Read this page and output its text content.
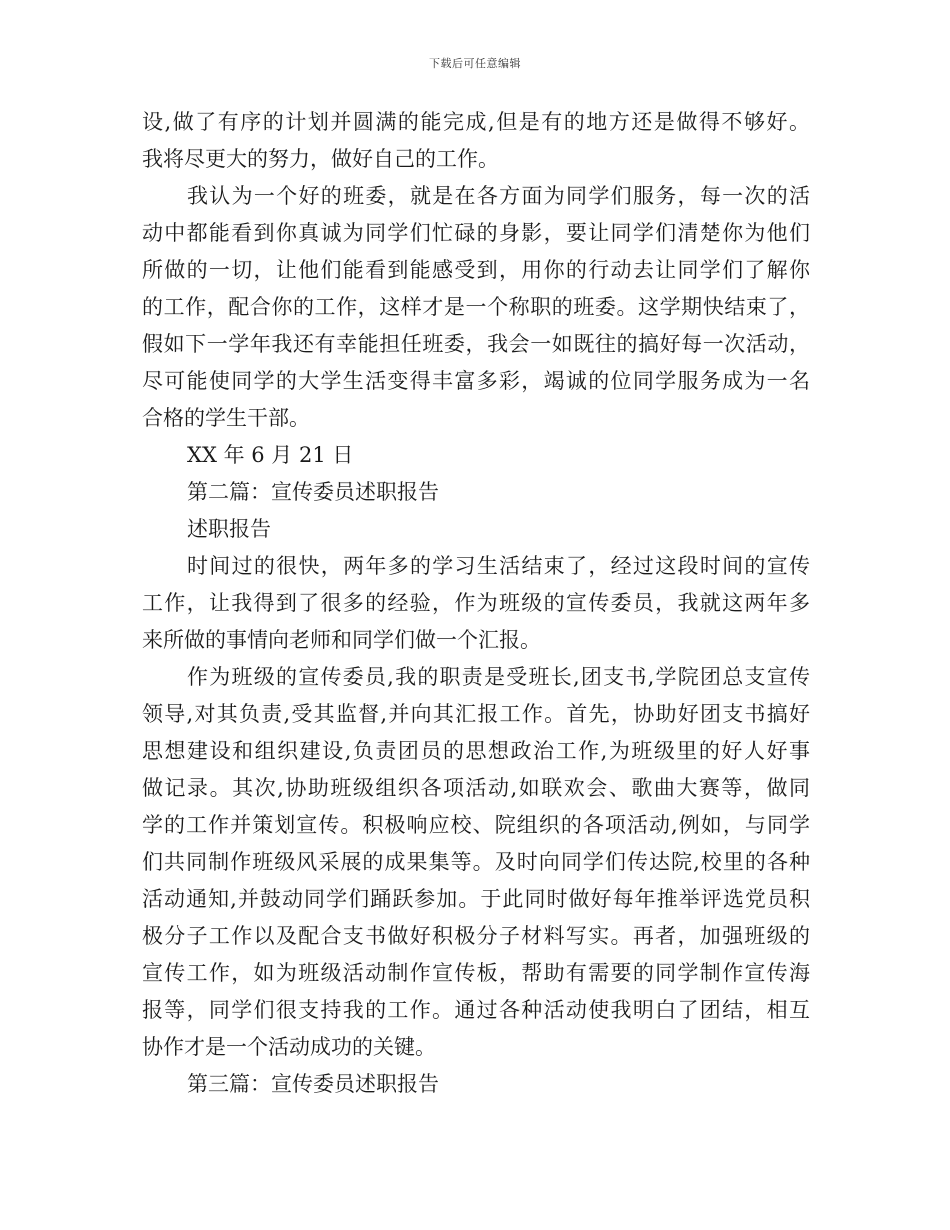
下载后可任意编辑
设,做了有序的计划并圆满的能完成,但是有的地方还是做得不够好。
我将尽更大的努力，做好自己的工作。
我认为一个好的班委，就是在各方面为同学们服务，每一次的活
动中都能看到你真诚为同学们忙碌的身影，要让同学们清楚你为他们
所做的一切，让他们能看到能感受到，用你的行动去让同学们了解你
的工作，配合你的工作，这样才是一个称职的班委。这学期快结束了，
假如下一学年我还有幸能担任班委，我会一如既往的搞好每一次活动，
尽可能使同学的大学生活变得丰富多彩，竭诚的位同学服务成为一名
合格的学生干部。
XX 年 6 月 21 日
第二篇：宣传委员述职报告
述职报告
时间过的很快，两年多的学习生活结束了，经过这段时间的宣传
工作，让我得到了很多的经验，作为班级的宣传委员，我就这两年多
来所做的事情向老师和同学们做一个汇报。
作为班级的宣传委员,我的职责是受班长,团支书,学院团总支宣传
领导,对其负责,受其监督,并向其汇报工作。首先，协助好团支书搞好
思想建设和组织建设,负责团员的思想政治工作,为班级里的好人好事
做记录。其次,协助班级组织各项活动,如联欢会、歌曲大赛等，做同
学的工作并策划宣传。积极响应校、院组织的各项活动,例如，与同学
们共同制作班级风采展的成果集等。及时向同学们传达院,校里的各种
活动通知,并鼓动同学们踊跃参加。于此同时做好每年推举评选党员积
极分子工作以及配合支书做好积极分子材料写实。再者，加强班级的
宣传工作，如为班级活动制作宣传板，帮助有需要的同学制作宣传海
报等，同学们很支持我的工作。通过各种活动使我明白了团结，相互
协作才是一个活动成功的关键。
第三篇：宣传委员述职报告
